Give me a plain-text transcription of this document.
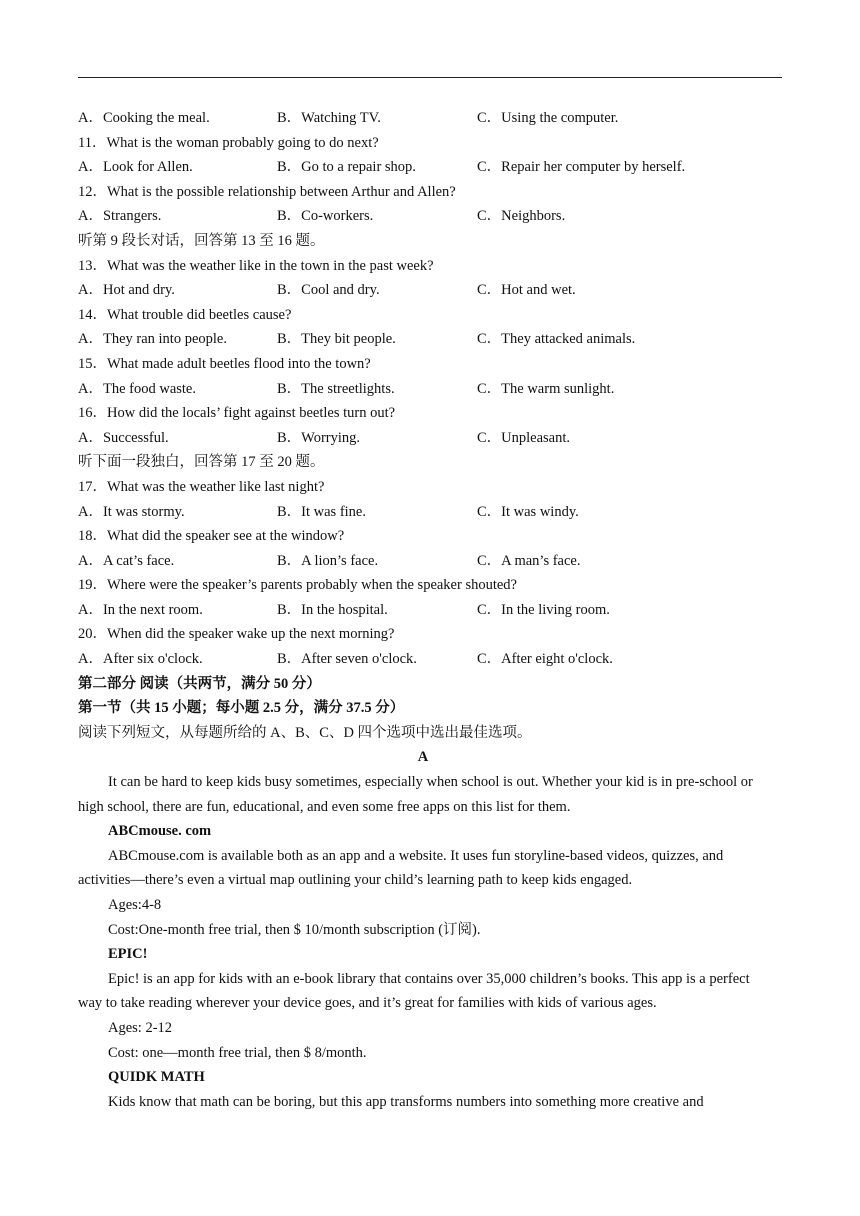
A．Cooking the meal.	B．Watching TV.	C．Using the computer.
11．What is the woman probably going to do next?
A．Look for Allen.	B．Go to a repair shop.	C．Repair her computer by herself.
12．What is the possible relationship between Arthur and Allen?
A．Strangers.	B．Co-workers.	C．Neighbors.
听第 9 段长对话，回答第 13 至 16 题。
13．What was the weather like in the town in the past week?
A．Hot and dry.	B．Cool and dry.	C．Hot and wet.
14．What trouble did beetles cause?
A．They ran into people.	B．They bit people.	C．They attacked animals.
15．What made adult beetles flood into the town?
A．The food waste.	B．The streetlights.	C．The warm sunlight.
16．How did the locals’ fight against beetles turn out?
A．Successful.	B．Worrying.	C．Unpleasant.
听下面一段独白，回答第 17 至 20 题。
17．What was the weather like last night?
A．It was stormy.	B．It was fine.	C．It was windy.
18．What did the speaker see at the window?
A．A cat’s face.	B．A lion’s face.	C．A man’s face.
19．Where were the speaker’s parents probably when the speaker shouted?
A．In the next room.	B．In the hospital.	C．In the living room.
20．When did the speaker wake up the next morning?
A．After six o'clock.	B．After seven o'clock.	C．After eight o'clock.
第二部分 阅读（共两节，满分 50 分）
第一节（共 15 小题；每小题 2.5 分，满分 37.5 分）
阅读下列短文，从每题所给的 A、B、C、D 四个选项中选出最佳选项。
A
It can be hard to keep kids busy sometimes, especially when school is out. Whether your kid is in pre-school or high school, there are fun, educational, and even some free apps on this list for them.
ABCmouse. com
ABCmouse.com is available both as an app and a website. It uses fun storyline-based videos, quizzes, and activities—there’s even a virtual map outlining your child’s learning path to keep kids engaged.
Ages:4-8
Cost:One-month free trial, then $ 10/month subscription (订阅).
EPIC!
Epic! is an app for kids with an e-book library that contains over 35,000 children’s books. This app is a perfect way to take reading wherever your device goes, and it’s great for families with kids of various ages.
Ages: 2-12
Cost: one—month free trial, then $ 8/month.
QUIDK MATH
Kids know that math can be boring, but this app transforms numbers into something more creative and
